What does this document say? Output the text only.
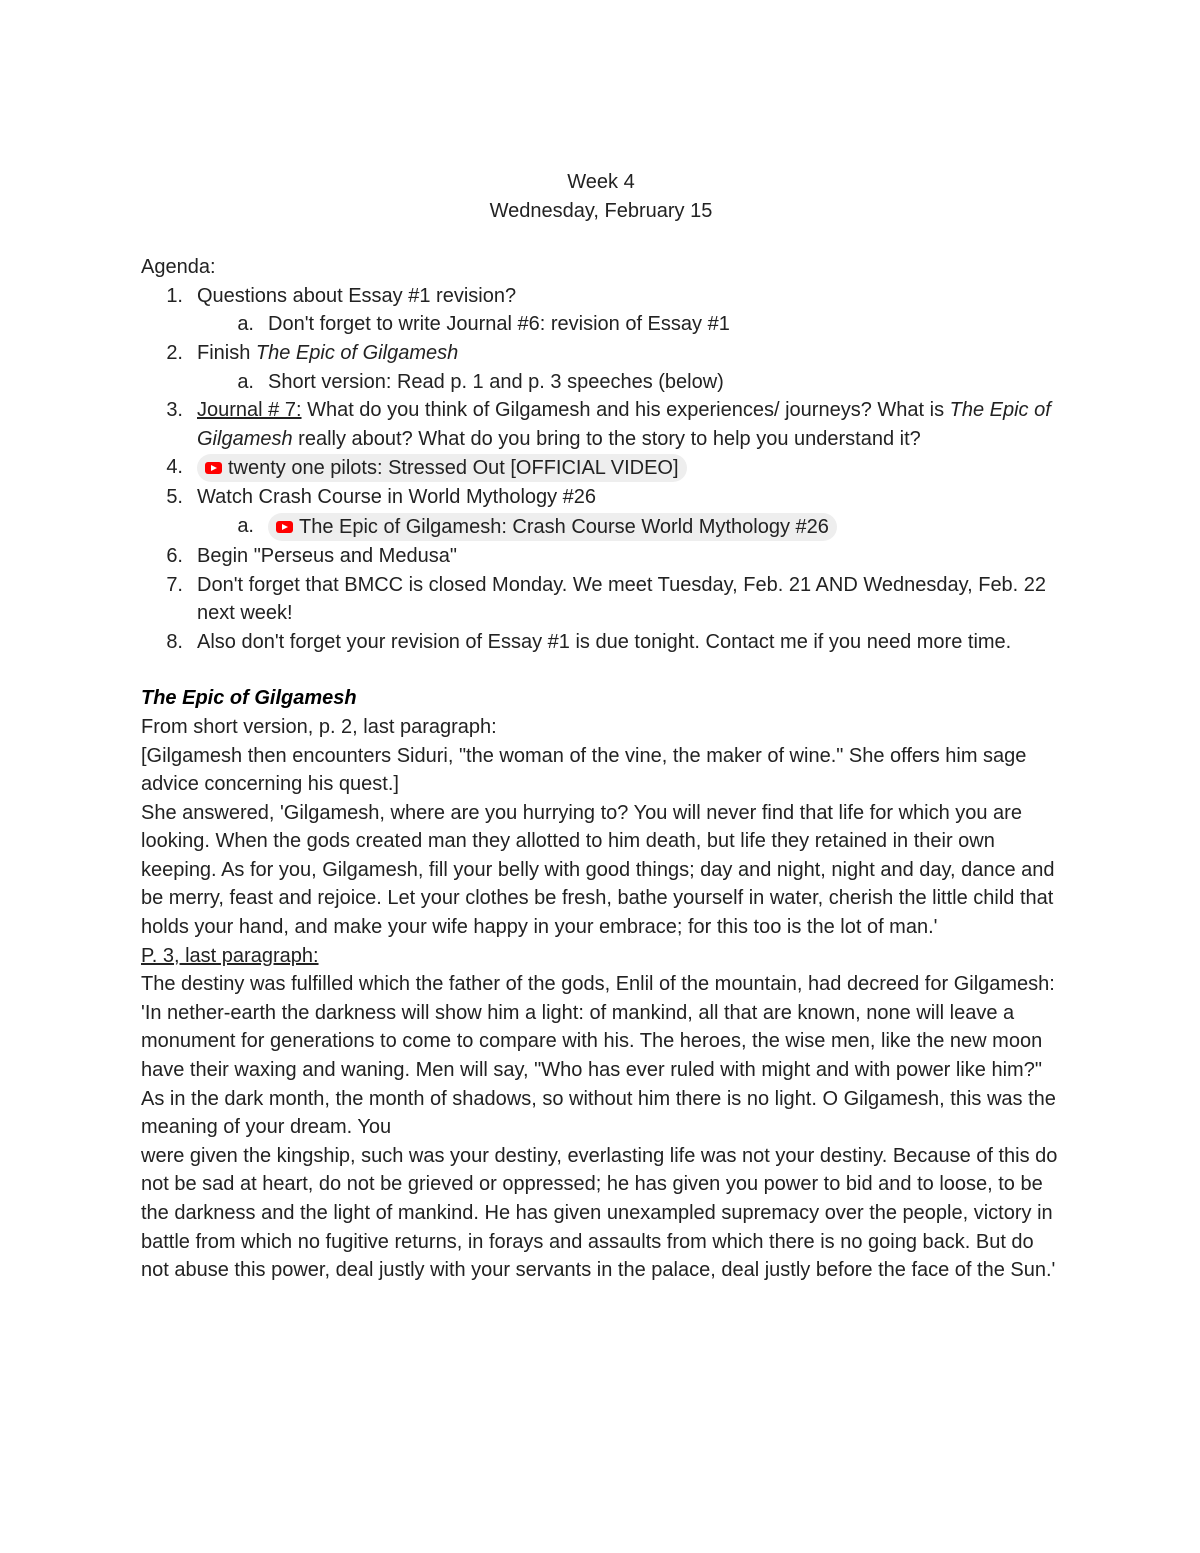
Week 4
Wednesday, February 15
Agenda:
1. Questions about Essay #1 revision?
a. Don't forget to write Journal #6: revision of Essay #1
2. Finish The Epic of Gilgamesh
a. Short version: Read p. 1 and p. 3 speeches (below)
3. Journal # 7: What do you think of Gilgamesh and his experiences/ journeys? What is The Epic of Gilgamesh really about? What do you bring to the story to help you understand it?
4.	twenty one pilots: Stressed Out [OFFICIAL VIDEO]
5. Watch Crash Course in World Mythology #26
a.	The Epic of Gilgamesh: Crash Course World Mythology #26
6. Begin "Perseus and Medusa"
7. Don't forget that BMCC is closed Monday. We meet Tuesday, Feb. 21 AND Wednesday, Feb. 22 next week!
8. Also don't forget your revision of Essay #1 is due tonight. Contact me if you need more time.
The Epic of Gilgamesh

From short version, p. 2, last paragraph:

[Gilgamesh then encounters Siduri, "the woman of the vine, the maker of wine." She offers him sage advice concerning his quest.]

She answered, 'Gilgamesh, where are you hurrying to? You will never find that life for which you are looking. When the gods created man they allotted to him death, but life they retained in their own keeping. As for you, Gilgamesh, fill your belly with good things; day and night, night and day, dance and be merry, feast and rejoice. Let your clothes be fresh, bathe yourself in water, cherish the little child that holds your hand, and make your wife happy in your embrace; for this too is the lot of man.'

P. 3, last paragraph:

The destiny was fulfilled which the father of the gods, Enlil of the mountain, had decreed for Gilgamesh: 'In nether-earth the darkness will show him a light: of mankind, all that are known, none will leave a monument for generations to come to compare with his. The heroes, the wise men, like the new moon have their waxing and waning. Men will say, "Who has ever ruled with might and with power like him?" As in the dark month, the month of shadows, so without him there is no light. O Gilgamesh, this was the meaning of your dream. You

were given the kingship, such was your destiny, everlasting life was not your destiny. Because of this do not be sad at heart, do not be grieved or oppressed; he has given you power to bid and to loose, to be the darkness and the light of mankind. He has given unexampled supremacy over the people, victory in battle from which no fugitive returns, in forays and assaults from which there is no going back. But do not abuse this power, deal justly with your servants in the palace, deal justly before the face of the Sun.'
